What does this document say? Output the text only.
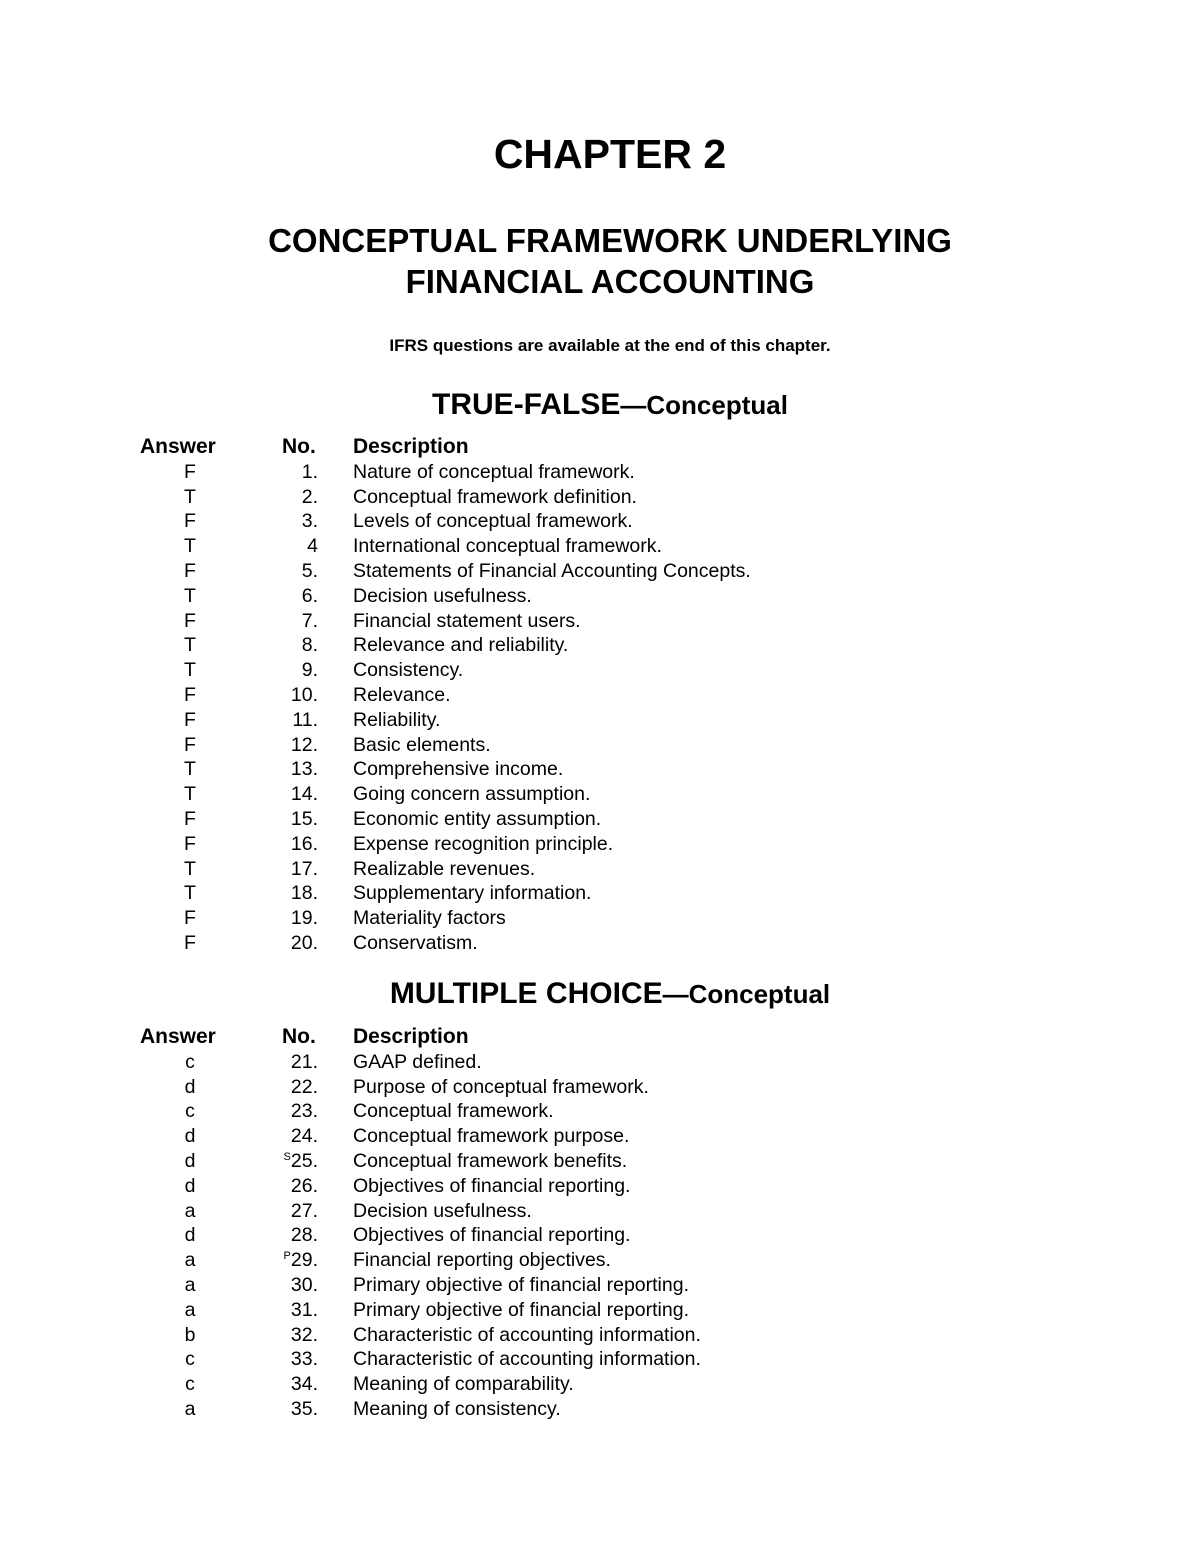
CHAPTER 2
CONCEPTUAL FRAMEWORK UNDERLYING
FINANCIAL ACCOUNTING
IFRS questions are available at the end of this chapter.
TRUE-FALSE—Conceptual
Answer	No. Description
F	1. Nature of conceptual framework.
T	2. Conceptual framework definition.
F	3. Levels of conceptual framework.
T	4 International conceptual framework.
F	5. Statements of Financial Accounting Concepts.
T	6. Decision usefulness.
F	7. Financial statement users.
T	8. Relevance and reliability.
T	9. Consistency.
F	10. Relevance.
F	11. Reliability.
F	12. Basic elements.
T	13. Comprehensive income.
T	14. Going concern assumption.
F	15. Economic entity assumption.
F	16. Expense recognition principle.
T	17. Realizable revenues.
T	18. Supplementary information.
F	19. Materiality factors
F	20. Conservatism.
MULTIPLE CHOICE—Conceptual
Answer	No. Description
c	21. GAAP defined.
d	22. Purpose of conceptual framework.
c	23. Conceptual framework.
d	24. Conceptual framework purpose.
d	$^S$25. Conceptual framework benefits.
d	26. Objectives of financial reporting.
a	27. Decision usefulness.
d	28. Objectives of financial reporting.
a	$^P$29. Financial reporting objectives.
a	30. Primary objective of financial reporting.
a	31. Primary objective of financial reporting.
b	32. Characteristic of accounting information.
c	33. Characteristic of accounting information.
c	34. Meaning of comparability.
a	35. Meaning of consistency.
